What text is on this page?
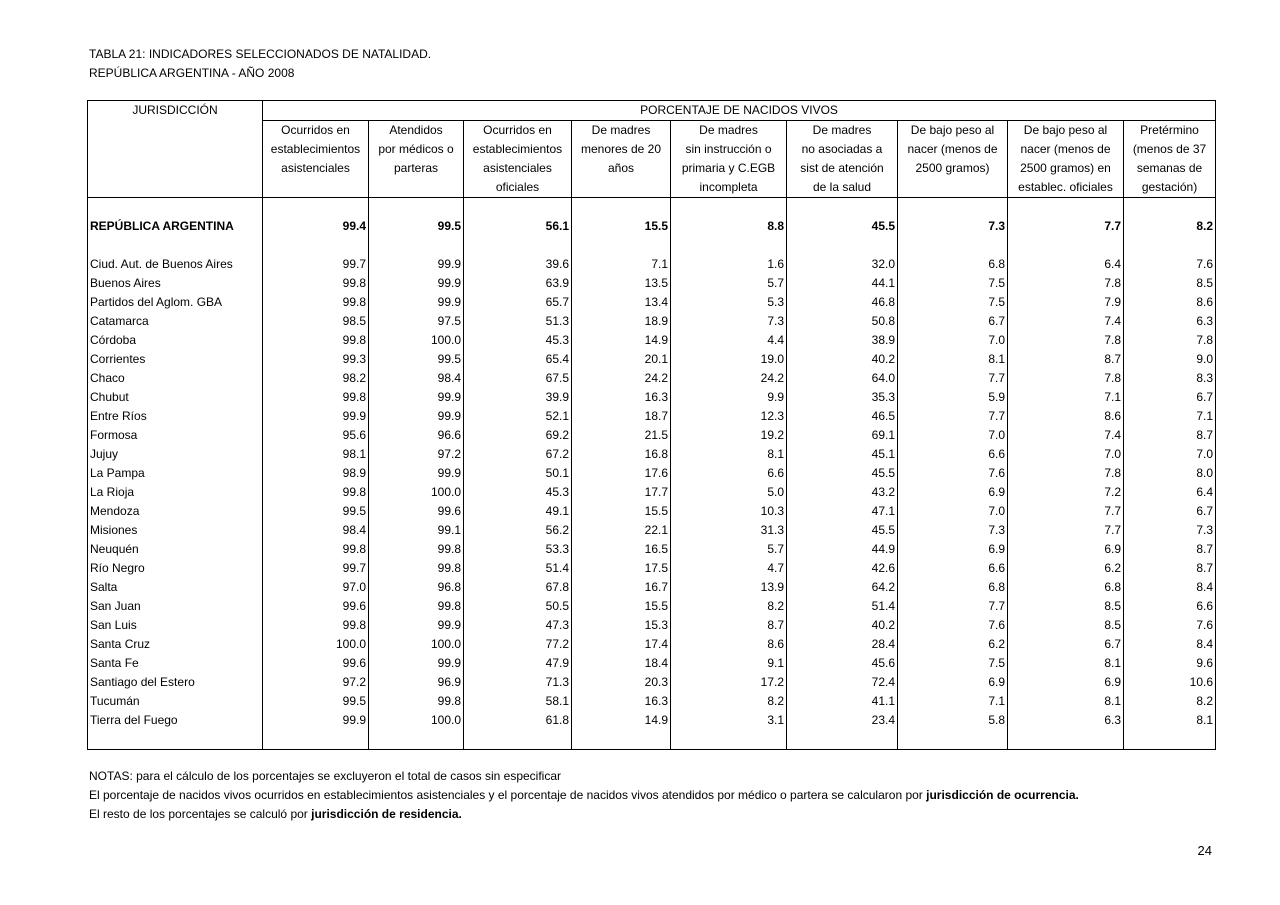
TABLA 21: INDICADORES SELECCIONADOS DE NATALIDAD.
REPÚBLICA ARGENTINA - AÑO 2008
JURISDICCIÓN	PORCENTAJE DE NACIDOS VIVOS								
	Ocurridos en	Atendidos	Ocurridos en	De madres	De madres	De madres	De bajo peso al	De bajo peso al	Pretérmino
	establecimientos	por médicos o	establecimientos	menores de 20	sin instrucción o	no asociadas a	nacer (menos de	nacer (menos de	(menos de 37
	asistenciales	parteras	asistenciales	años	primaria y C.EGB	sist de atención	2500 gramos)	2500 gramos) en	semanas de
			oficiales		incompleta	de la salud		establec. oficiales	gestación)

REPÚBLICA ARGENTINA	99.4	99.5	56.1	15.5	8.8	45.5	7.3	7.7	8.2

Ciud. Aut. de Buenos Aires	99.7	99.9	39.6	7.1	1.6	32.0	6.8	6.4	7.6
Buenos Aires	99.8	99.9	63.9	13.5	5.7	44.1	7.5	7.8	8.5
Partidos del Aglom. GBA	99.8	99.9	65.7	13.4	5.3	46.8	7.5	7.9	8.6
Catamarca	98.5	97.5	51.3	18.9	7.3	50.8	6.7	7.4	6.3
Córdoba	99.8	100.0	45.3	14.9	4.4	38.9	7.0	7.8	7.8
Corrientes	99.3	99.5	65.4	20.1	19.0	40.2	8.1	8.7	9.0
Chaco	98.2	98.4	67.5	24.2	24.2	64.0	7.7	7.8	8.3
Chubut	99.8	99.9	39.9	16.3	9.9	35.3	5.9	7.1	6.7
Entre Ríos	99.9	99.9	52.1	18.7	12.3	46.5	7.7	8.6	7.1
Formosa	95.6	96.6	69.2	21.5	19.2	69.1	7.0	7.4	8.7
Jujuy	98.1	97.2	67.2	16.8	8.1	45.1	6.6	7.0	7.0
La Pampa	98.9	99.9	50.1	17.6	6.6	45.5	7.6	7.8	8.0
La Rioja	99.8	100.0	45.3	17.7	5.0	43.2	6.9	7.2	6.4
Mendoza	99.5	99.6	49.1	15.5	10.3	47.1	7.0	7.7	6.7
Misiones	98.4	99.1	56.2	22.1	31.3	45.5	7.3	7.7	7.3
Neuquén	99.8	99.8	53.3	16.5	5.7	44.9	6.9	6.9	8.7
Río Negro	99.7	99.8	51.4	17.5	4.7	42.6	6.6	6.2	8.7
Salta	97.0	96.8	67.8	16.7	13.9	64.2	6.8	6.8	8.4
San Juan	99.6	99.8	50.5	15.5	8.2	51.4	7.7	8.5	6.6
San Luis	99.8	99.9	47.3	15.3	8.7	40.2	7.6	8.5	7.6
Santa Cruz	100.0	100.0	77.2	17.4	8.6	28.4	6.2	6.7	8.4
Santa Fe	99.6	99.9	47.9	18.4	9.1	45.6	7.5	8.1	9.6
Santiago del Estero	97.2	96.9	71.3	20.3	17.2	72.4	6.9	6.9	10.6
Tucumán	99.5	99.8	58.1	16.3	8.2	41.1	7.1	8.1	8.2
Tierra del Fuego	99.9	100.0	61.8	14.9	3.1	23.4	5.8	6.3	8.1

NOTAS: para el cálculo de los porcentajes se excluyeron el total de casos sin especificar
El porcentaje de nacidos vivos ocurridos en establecimientos asistenciales y el porcentaje de nacidos vivos atendidos por médico o partera se calcularon por jurisdicción de ocurrencia.
El resto de los porcentajes se calculó por jurisdicción de residencia.
24
